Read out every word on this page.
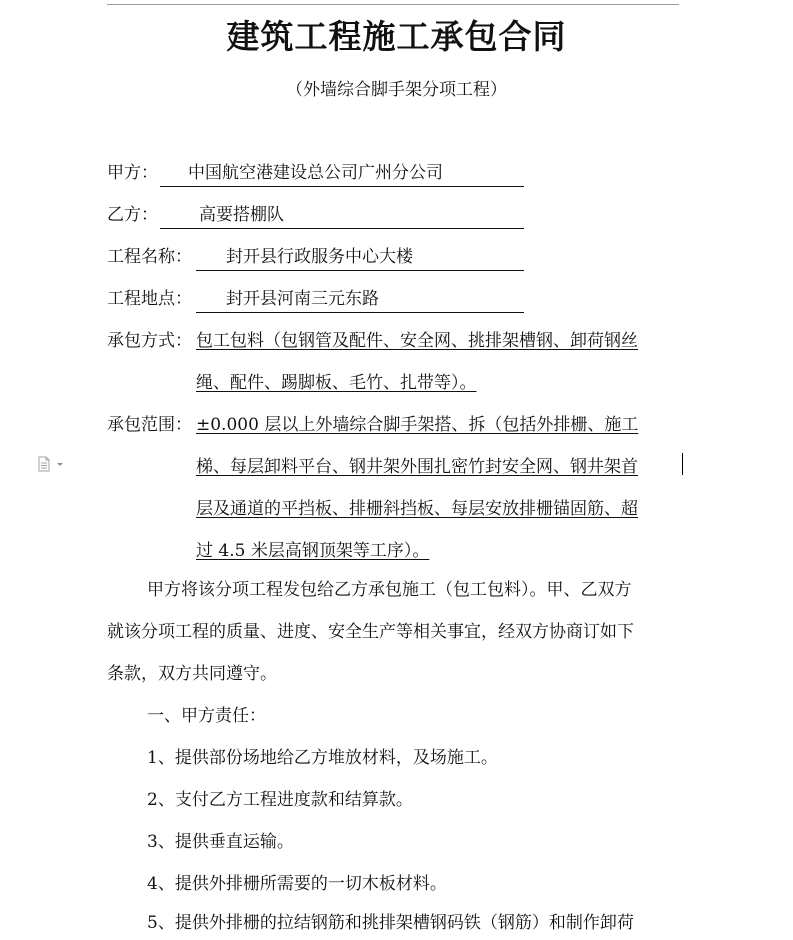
建筑工程施工承包合同
（外墙综合脚手架分项工程）
甲方： 中国航空港建设总公司广州分公司
乙方： 高要搭棚队
工程名称： 封开县行政服务中心大楼
工程地点： 封开县河南三元东路
承包方式： 包工包料（包钢管及配件、安全网、挑排架槽钢、卸荷钢丝
绳、配件、踢脚板、毛竹、扎带等）。
承包范围： ±0.000 层以上外墙综合脚手架搭、拆（包括外排栅、施工
梯、每层卸料平台、钢井架外围扎密竹封安全网、钢井架首
层及通道的平挡板、排栅斜挡板、每层安放排栅锚固筋、超
过 4.5 米层高钢顶架等工序）。
甲方将该分项工程发包给乙方承包施工（包工包料）。甲、乙双方
就该分项工程的质量、进度、安全生产等相关事宜，经双方协商订如下
条款，双方共同遵守。
一、甲方责任：
1、提供部份场地给乙方堆放材料，及场施工。
2、支付乙方工程进度款和结算款。
3、提供垂直运输。
4、提供外排栅所需要的一切木板材料。
5、提供外排栅的拉结钢筋和挑排架槽钢码铁（钢筋）和制作卸荷
